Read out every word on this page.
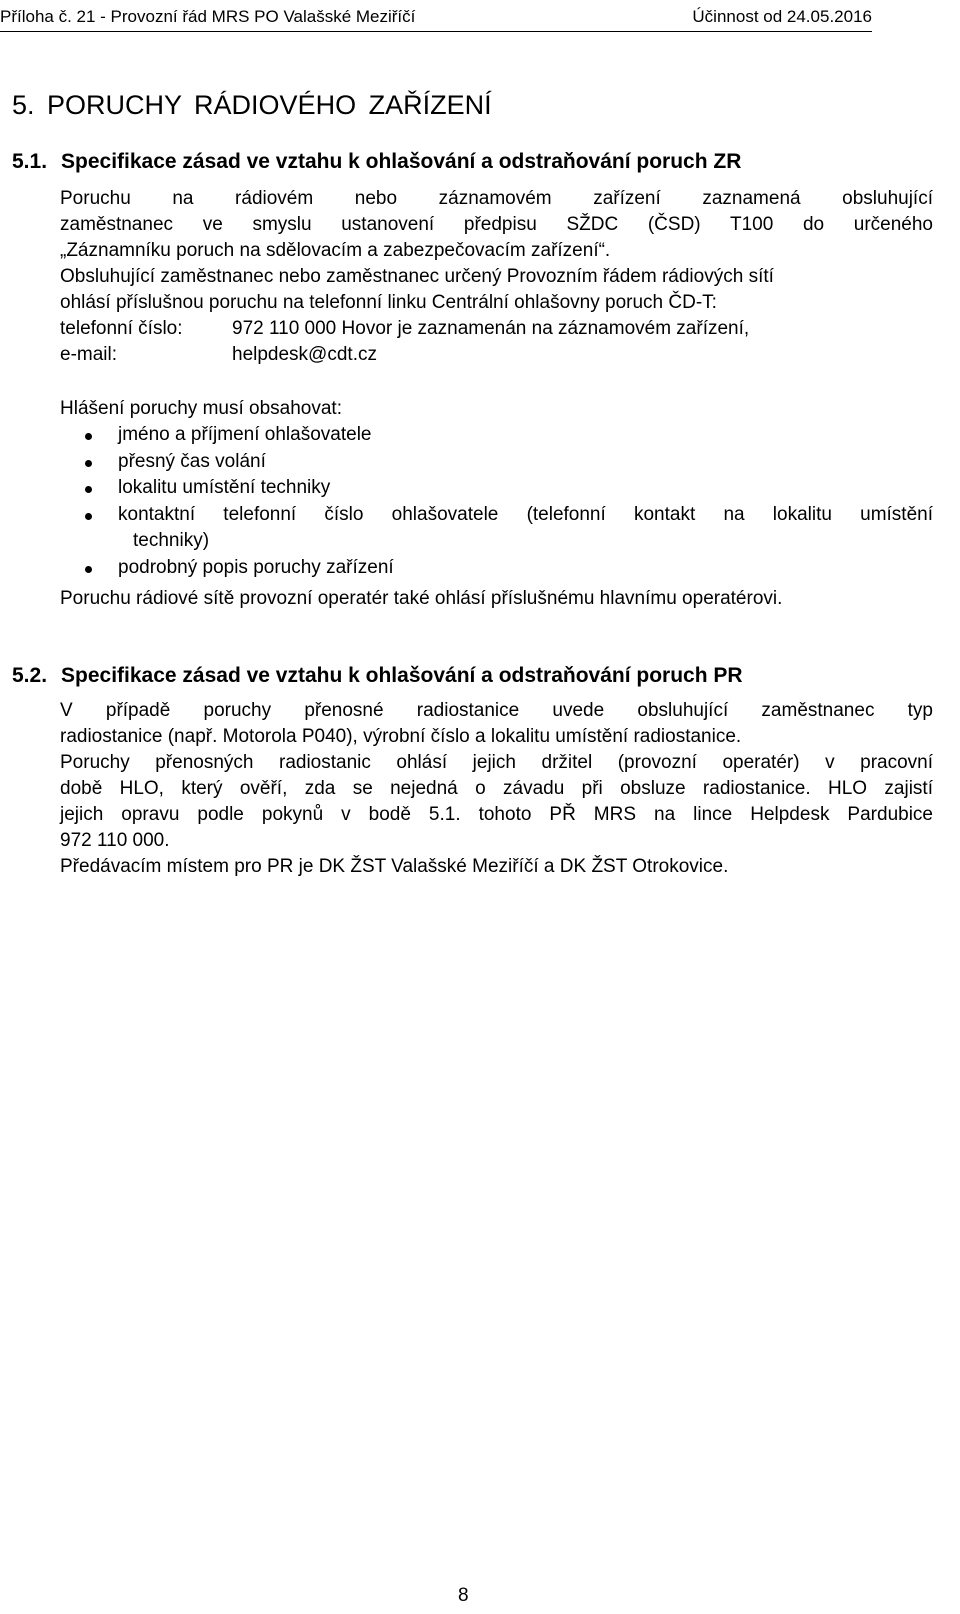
Příloha č. 21 - Provozní řád MRS PO Valašské Meziříčí	Účinnost od 24.05.2016
5. PORUCHY RÁDIOVÉHO ZAŘÍZENÍ
5.1. Specifikace zásad ve vztahu k ohlašování a odstraňování poruch ZR
Poruchu na rádiovém nebo záznamovém zařízení zaznamená obsluhující
zaměstnanec ve smyslu ustanovení předpisu SŽDC (ČSD) T100 do určeného
„Záznamníku poruch na sdělovacím a zabezpečovacím zařízení“.
Obsluhující zaměstnanec nebo zaměstnanec určený Provozním řádem rádiových sítí
ohlásí příslušnou poruchu na telefonní linku Centrální ohlašovny poruch ČD-T:
telefonní číslo:	972 110 000 Hovor je zaznamenán na záznamovém zařízení,
e-mail:	helpdesk@cdt.cz
Hlášení poruchy musí obsahovat:
jméno a příjmení ohlašovatele
přesný čas volání
lokalitu umístění techniky
kontaktní telefonní číslo ohlašovatele (telefonní kontakt na lokalitu umístění
techniky)
podrobný popis poruchy zařízení
Poruchu rádiové sítě provozní operatér také ohlásí příslušnému hlavnímu operatérovi.
5.2. Specifikace zásad ve vztahu k ohlašování a odstraňování poruch PR
V případě poruchy přenosné radiostanice uvede obsluhující zaměstnanec typ
radiostanice (např. Motorola P040), výrobní číslo a lokalitu umístění radiostanice.
Poruchy přenosných radiostanic ohlásí jejich držitel (provozní operatér) v pracovní
době HLO, který ověří, zda se nejedná o závadu při obsluze radiostanice. HLO zajistí
jejich opravu podle pokynů v bodě 5.1. tohoto PŘ MRS na lince Helpdesk Pardubice
972 110 000.
Předávacím místem pro PR je DK ŽST Valašské Meziříčí a DK ŽST Otrokovice.
8
